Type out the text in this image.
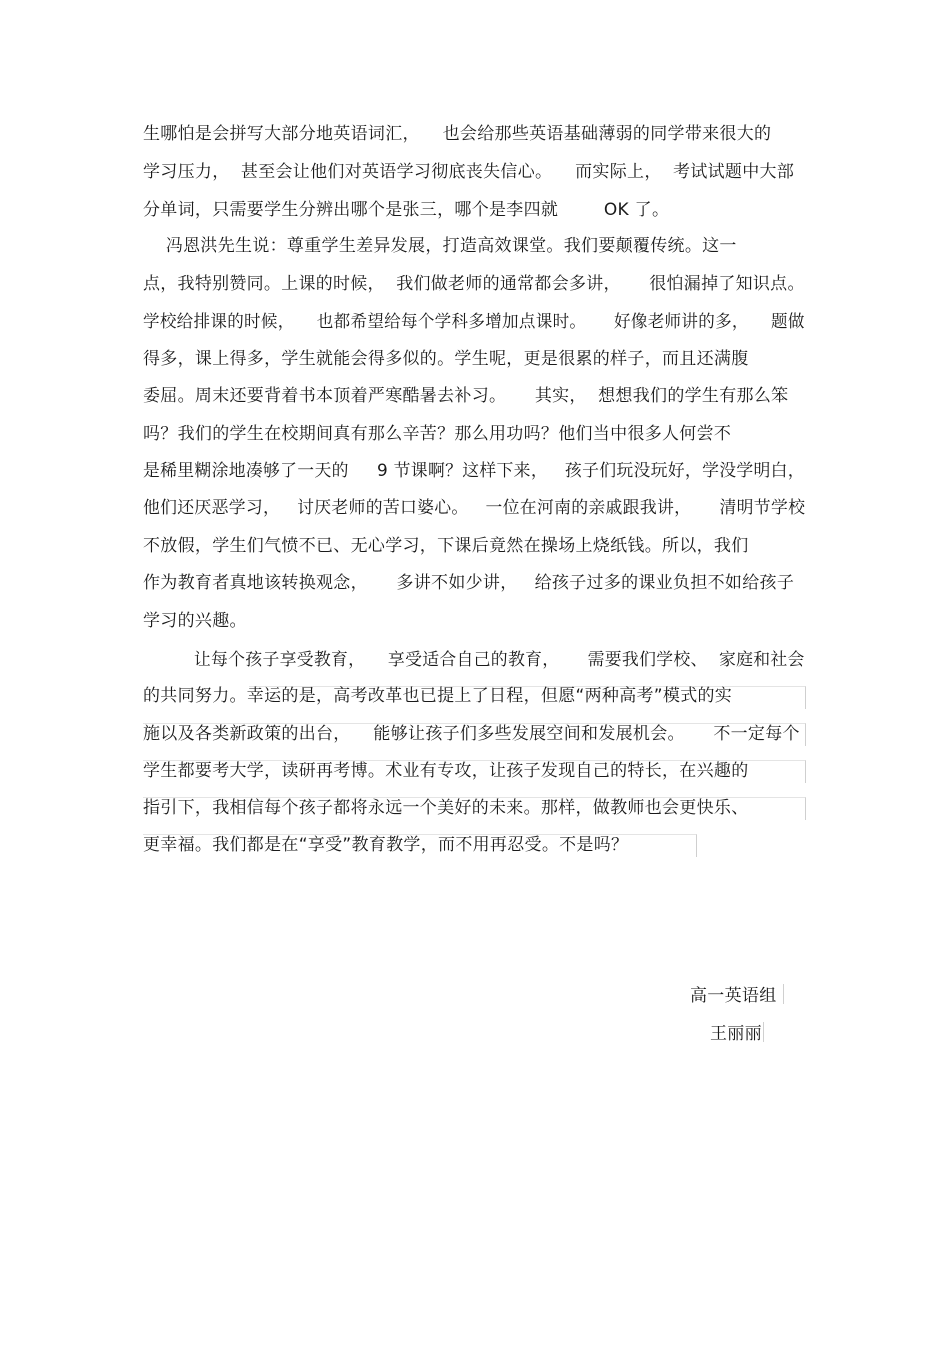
生哪怕是会拼写大部分地英语词汇，    也会给那些英语基础薄弱的同学带来很大的
学习压力，  甚至会让他们对英语学习彻底丧失信心。    而实际上，  考试试题中大部
分单词，只需要学生分辨出哪个是张三，哪个是李四就        OK 了。
冯恩洪先生说：尊重学生差异发展，打造高效课堂。我们要颠覆传统。这一
点，我特别赞同。上课的时候，  我们做老师的通常都会多讲，     很怕漏掉了知识点。
学校给排课的时候，    也都希望给每个学科多增加点课时。     好像老师讲的多，    题做
得多，课上得多，学生就能会得多似的。学生呢，更是很累的样子，而且还满腹
委屈。周末还要背着书本顶着严寒酷暑去补习。     其实，  想想我们的学生有那么笨
吗？我们的学生在校期间真有那么辛苦？那么用功吗？他们当中很多人何尝不
是稀里糊涂地凑够了一天的     9 节课啊？这样下来，   孩子们玩没玩好，学没学明白，
他们还厌恶学习，   讨厌老师的苦口婆心。   一位在河南的亲戚跟我讲，     清明节学校
不放假，学生们气愤不已、无心学习，下课后竟然在操场上烧纸钱。所以，我们
作为教育者真地该转换观念，     多讲不如少讲，   给孩子过多的课业负担不如给孩子
学习的兴趣。
让每个孩子享受教育，    享受适合自己的教育，     需要我们学校、  家庭和社会
的共同努力。幸运的是，高考改革也已提上了日程，但愿“两种高考”模式的实
施以及各类新政策的出台，    能够让孩子们多些发展空间和发展机会。     不一定每个
学生都要考大学，读研再考博。术业有专攻，让孩子发现自己的特长，在兴趣的
指引下，我相信每个孩子都将永远一个美好的未来。那样，做教师也会更快乐、
更幸福。我们都是在“享受”教育教学，而不用再忍受。不是吗？
高一英语组
王丽丽
